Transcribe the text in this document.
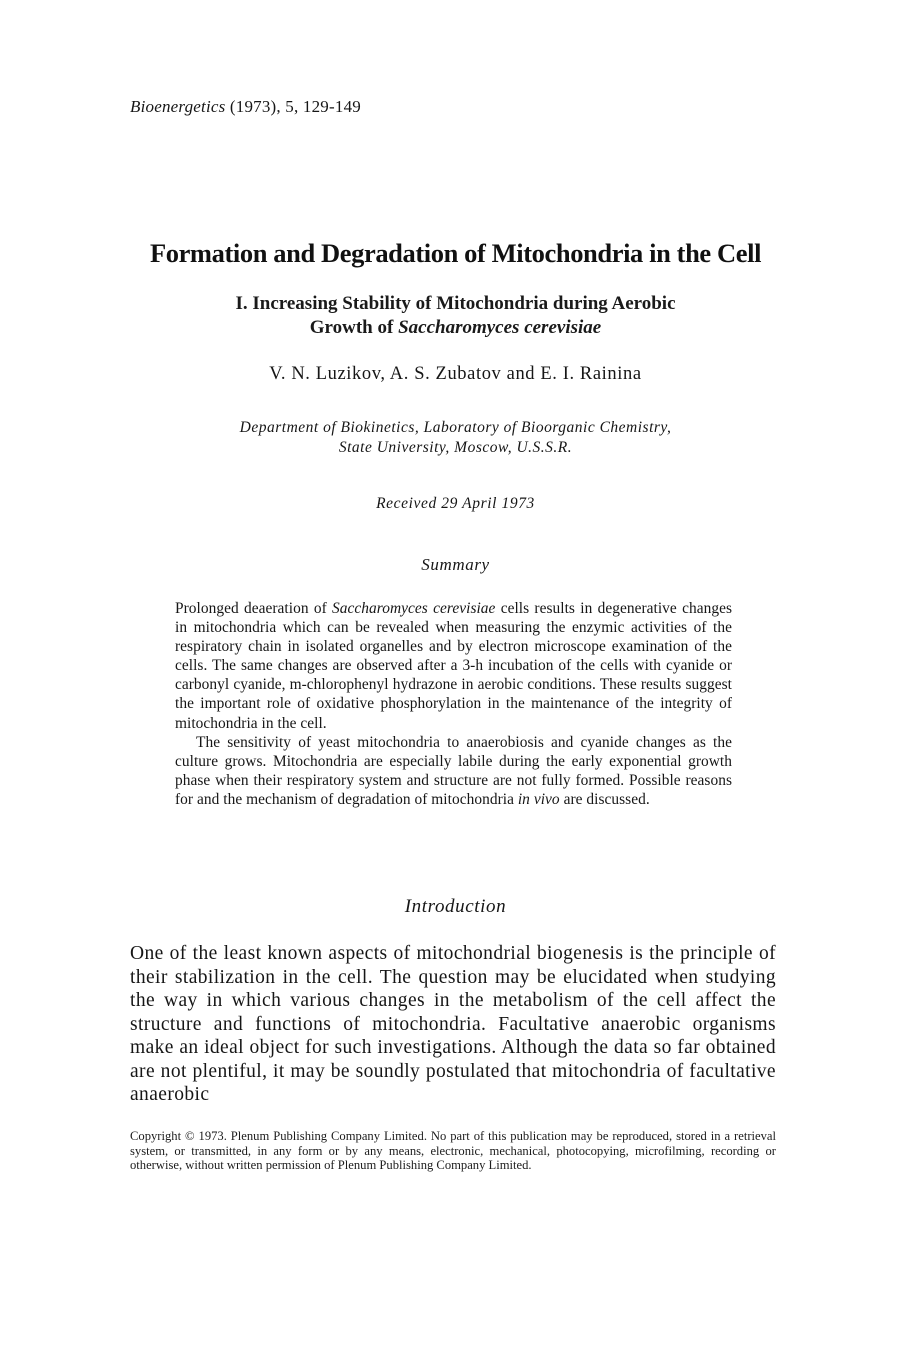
Bioenergetics (1973), 5, 129-149
Formation and Degradation of Mitochondria in the Cell
I. Increasing Stability of Mitochondria during Aerobic
Growth of Saccharomyces cerevisiae
V. N. Luzikov, A. S. Zubatov and E. I. Rainina
Department of Biokinetics, Laboratory of Bioorganic Chemistry,
State University, Moscow, U.S.S.R.
Received 29 April 1973
Summary

Prolonged deaeration of Saccharomyces cerevisiae cells results in degenerative changes in mitochondria which can be revealed when measuring the enzymic activities of the respiratory chain in isolated organelles and by electron microscope examination of the cells. The same changes are observed after a 3-h incubation of the cells with cyanide or carbonyl cyanide, m-chlorophenyl hydrazone in aerobic conditions. These results suggest the important role of oxidative phosphorylation in the maintenance of the integrity of mitochondria in the cell.

The sensitivity of yeast mitochondria to anaerobiosis and cyanide changes as the culture grows. Mitochondria are especially labile during the early exponential growth phase when their respiratory system and structure are not fully formed. Possible reasons for and the mechanism of degradation of mitochondria in vivo are discussed.

Introduction

One of the least known aspects of mitochondrial biogenesis is the principle of their stabilization in the cell. The question may be elucidated when studying the way in which various changes in the metabolism of the cell affect the structure and functions of mitochondria. Facultative anaerobic organisms make an ideal object for such investigations. Although the data so far obtained are not plentiful, it may be soundly postulated that mitochondria of facultative anaerobic

Copyright © 1973. Plenum Publishing Company Limited. No part of this publication may be reproduced, stored in a retrieval system, or transmitted, in any form or by any means, electronic, mechanical, photocopying, microfilming, recording or otherwise, without written permission of Plenum Publishing Company Limited.
